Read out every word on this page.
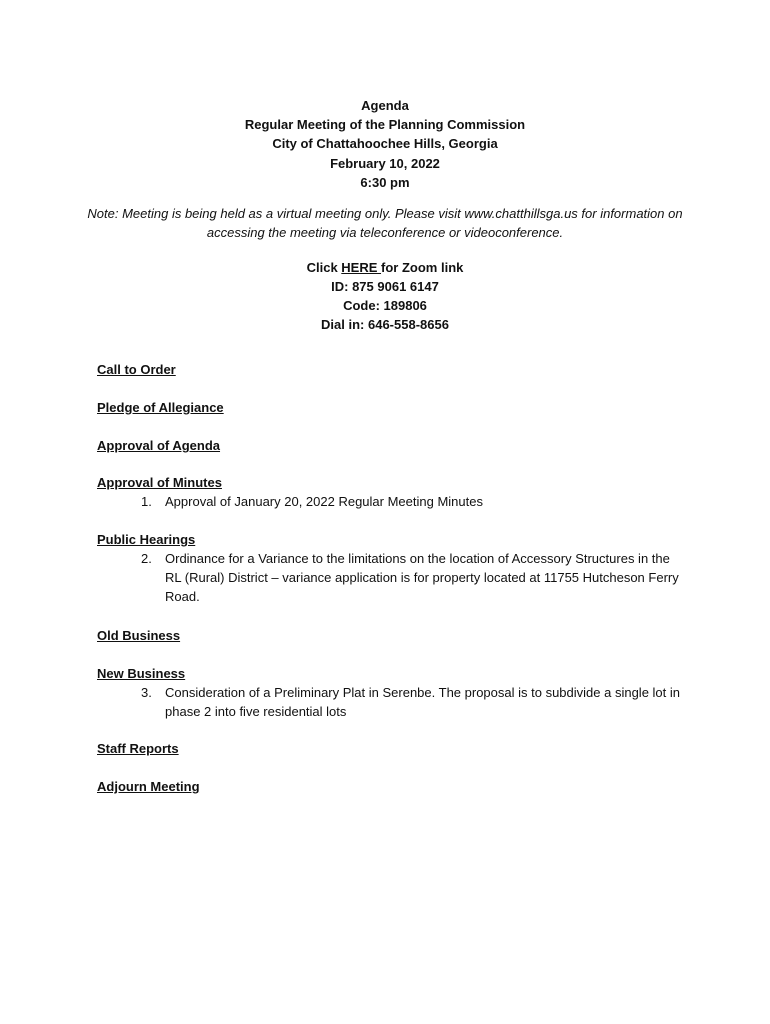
Agenda
Regular Meeting of the Planning Commission
City of Chattahoochee Hills, Georgia
February 10, 2022
6:30 pm
Note: Meeting is being held as a virtual meeting only. Please visit www.chatthillsga.us for information on accessing the meeting via teleconference or videoconference.
Click HERE for Zoom link
ID: 875 9061 6147
Code: 189806
Dial in: 646-558-8656
Call to Order
Pledge of Allegiance
Approval of Agenda
Approval of Minutes
1. Approval of January 20, 2022 Regular Meeting Minutes
Public Hearings
2. Ordinance for a Variance to the limitations on the location of Accessory Structures in the RL (Rural) District – variance application is for property located at 11755 Hutcheson Ferry Road.
Old Business
New Business
3. Consideration of a Preliminary Plat in Serenbe. The proposal is to subdivide a single lot in phase 2 into five residential lots
Staff Reports
Adjourn Meeting
